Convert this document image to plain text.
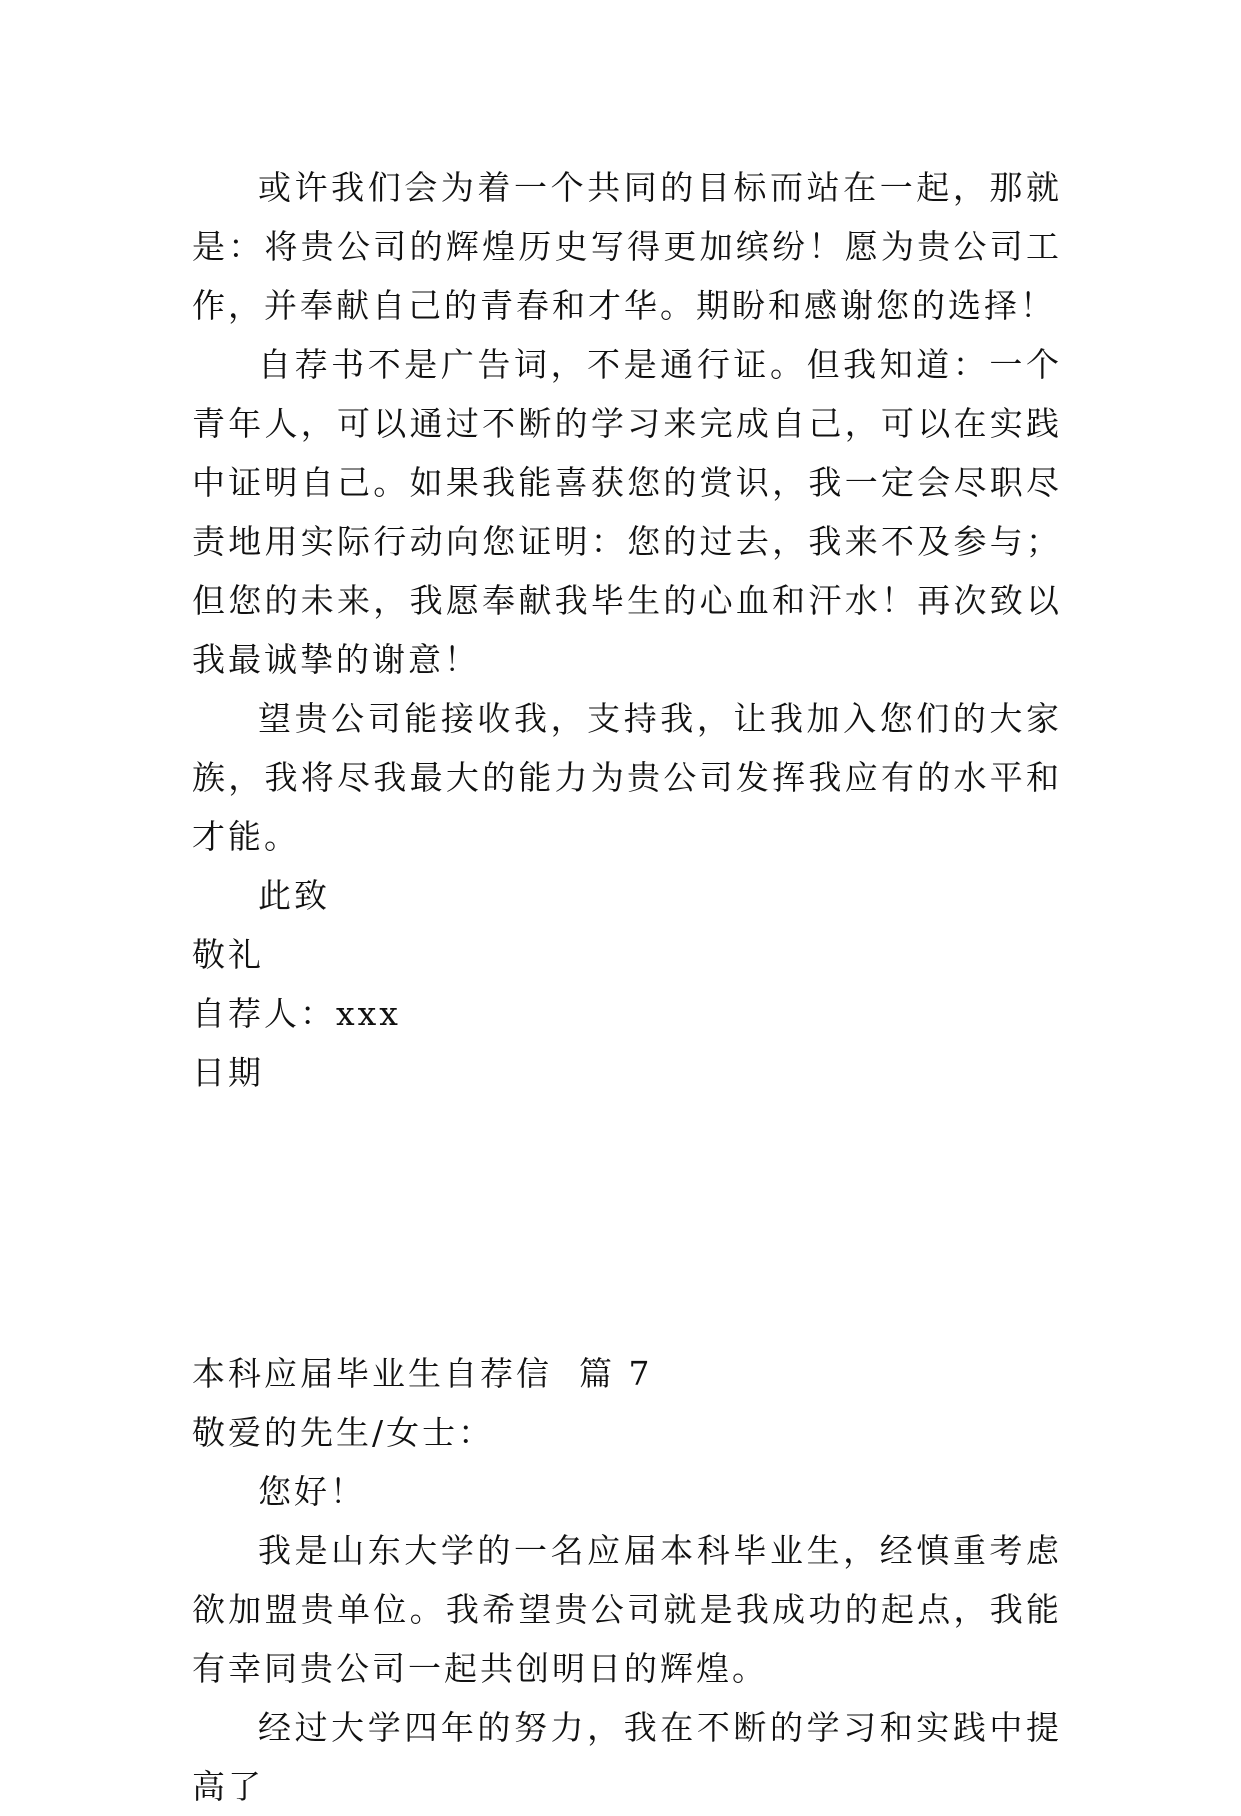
或许我们会为着一个共同的目标而站在一起，那就是：将贵公司的辉煌历史写得更加缤纷！愿为贵公司工作，并奉献自己的青春和才华。期盼和感谢您的选择！

自荐书不是广告词，不是通行证。但我知道：一个青年人，可以通过不断的学习来完成自己，可以在实践中证明自己。如果我能喜获您的赏识，我一定会尽职尽责地用实际行动向您证明：您的过去，我来不及参与；但您的未来，我愿奉献我毕生的心血和汗水！再次致以我最诚挚的谢意！

望贵公司能接收我，支持我，让我加入您们的大家族，我将尽我最大的能力为贵公司发挥我应有的水平和才能。

此致

敬礼

自荐人：xxx

日期

本科应届毕业生自荐信  篇 7

敬爱的先生/女士：

您好！

我是山东大学的一名应届本科毕业生，经慎重考虑欲加盟贵单位。我希望贵公司就是我成功的起点，我能有幸同贵公司一起共创明日的辉煌。

经过大学四年的努力，我在不断的学习和实践中提高了
